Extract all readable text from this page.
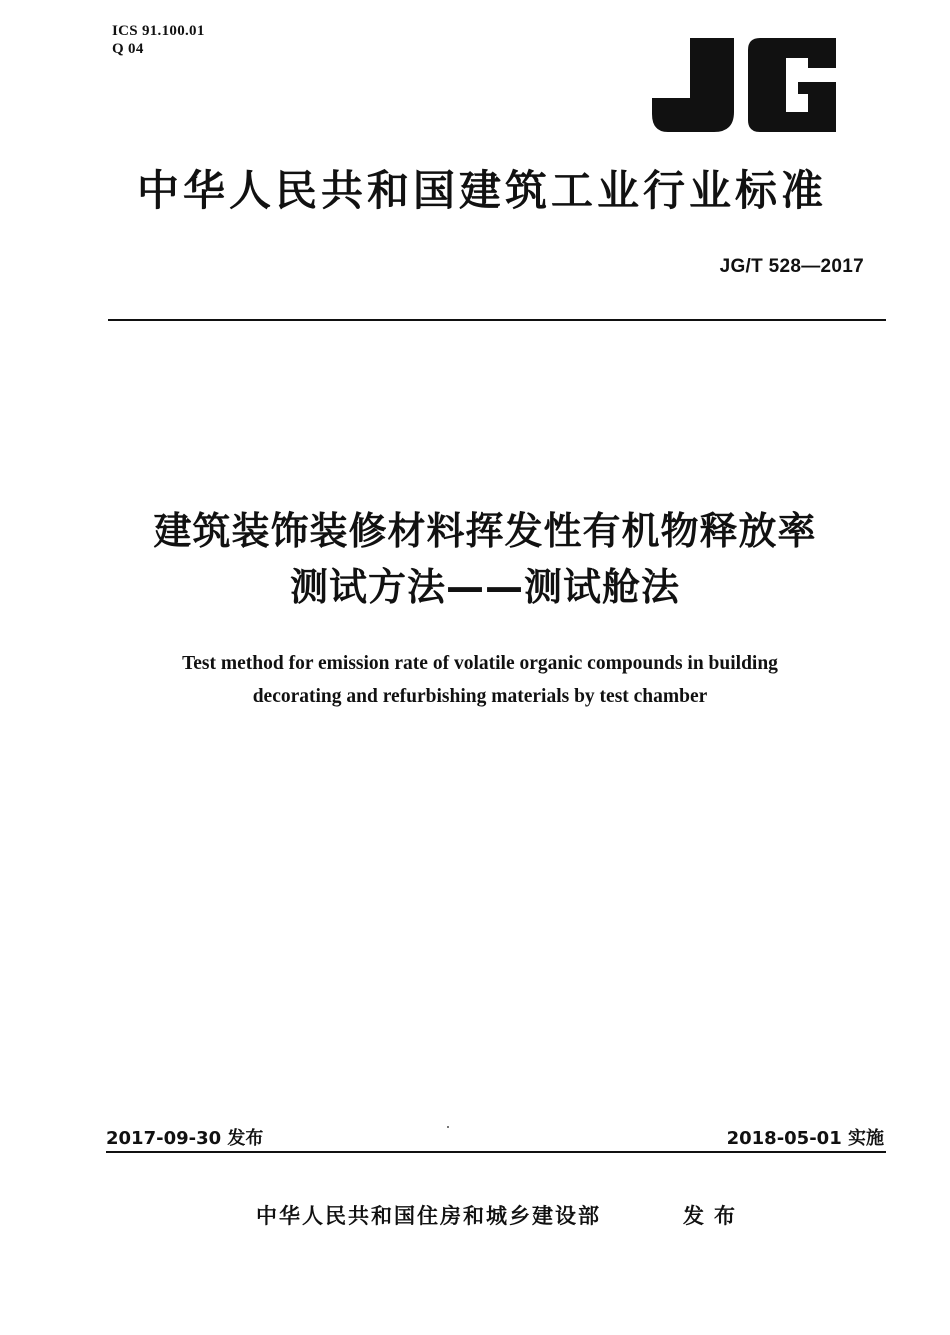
ICS 91.100.01
Q 04
中华人民共和国建筑工业行业标准
JG/T 528—2017
建筑装饰装修材料挥发性有机物释放率
测试方法——测试舱法
Test method for emission rate of volatile organic compounds in building
decorating and refurbishing materials by test chamber
2017-09-30 发布	2018-05-01 实施
中华人民共和国住房和城乡建设部	发布
